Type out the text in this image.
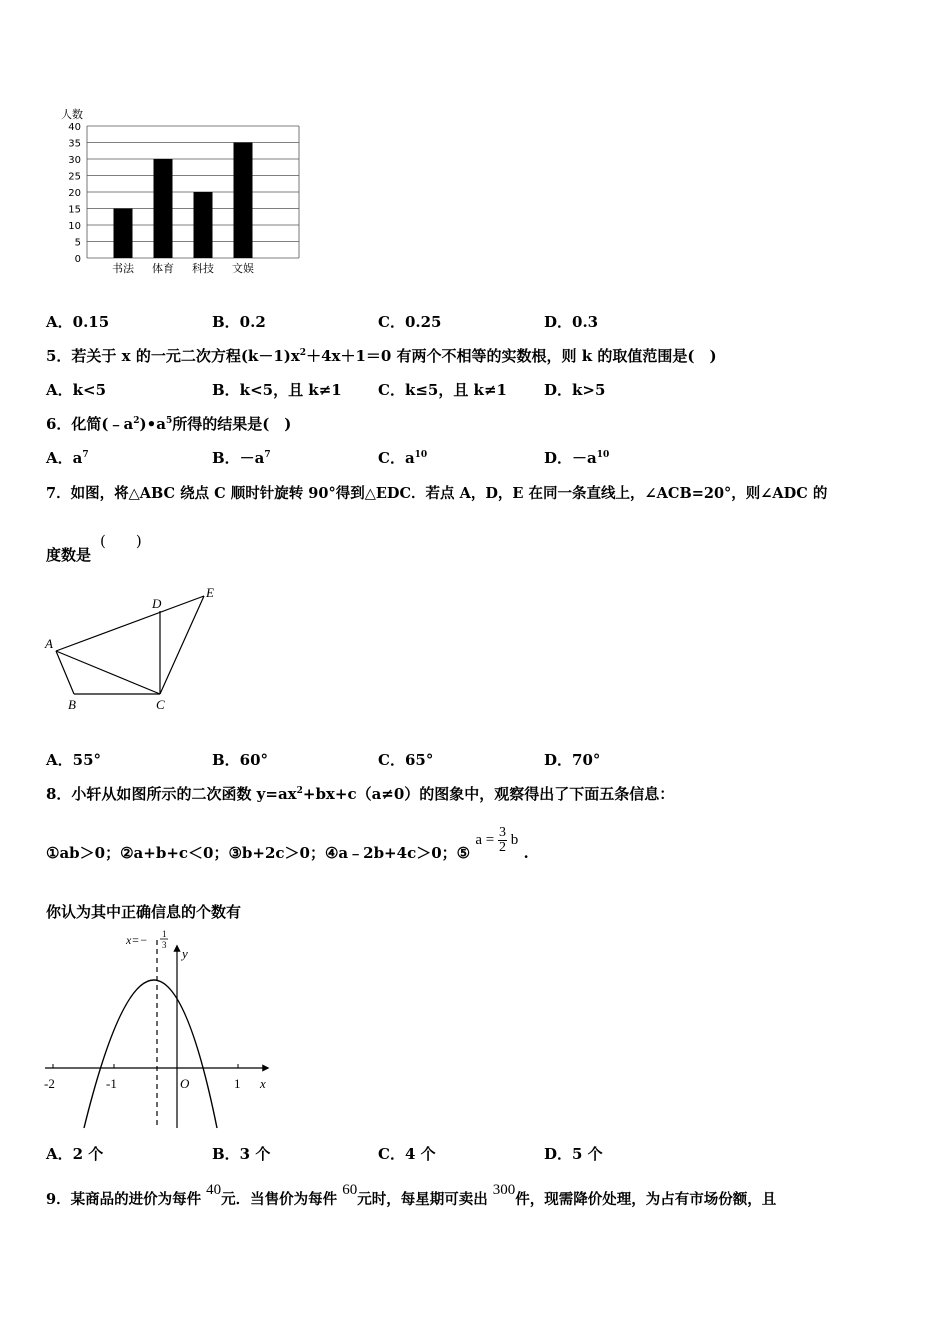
人数
0
5
10
15
20
25
30
35
40
书法 体育 科技 文娱
A．0.15	B．0.2	C．0.25	D．0.3
5．若关于 x 的一元二次方程$(k-1)x^2+4x+1=0$ 有两个不相等的实数根，则 k 的取值范围是(　)
A．k<5	B．k<5，且 k≠1	C．k≤5，且 k≠1	D．k>5
6．化简$(﹣a^2)•a^5$所得的结果是(　)
A．$a^7$	B．$-a^7$	C．$a^{10}$	D．$-a^{10}$
7．如图，将△ABC 绕点 C 顺时针旋转 90°得到△EDC．若点 A，D，E 在同一条直线上，∠ACB=20°，则∠ADC 的
(　　)
度数是
A
B	C
D
E
A．55°	B．60°	C．65°	D．70°
8．小轩从如图所示的二次函数 $y=ax^2+bx+c(a\ne 0)$的图象中，观察得出了下面五条信息：
①ab＞0；②a+b+c＜0；③b+2c＞0；④a﹣2b+4c＞0；⑤ $a = \frac{3}{2}$ b .
你认为其中正确信息的个数有
-2	-1	1
O	x
y
x=− 1
3
A．2 个	B．3 个	C．4 个	D．5 个
9．某商品的进价为每件 40元．当售价为每件 60元时，每星期可卖出 300件，现需降价处理，为占有市场份额，且
